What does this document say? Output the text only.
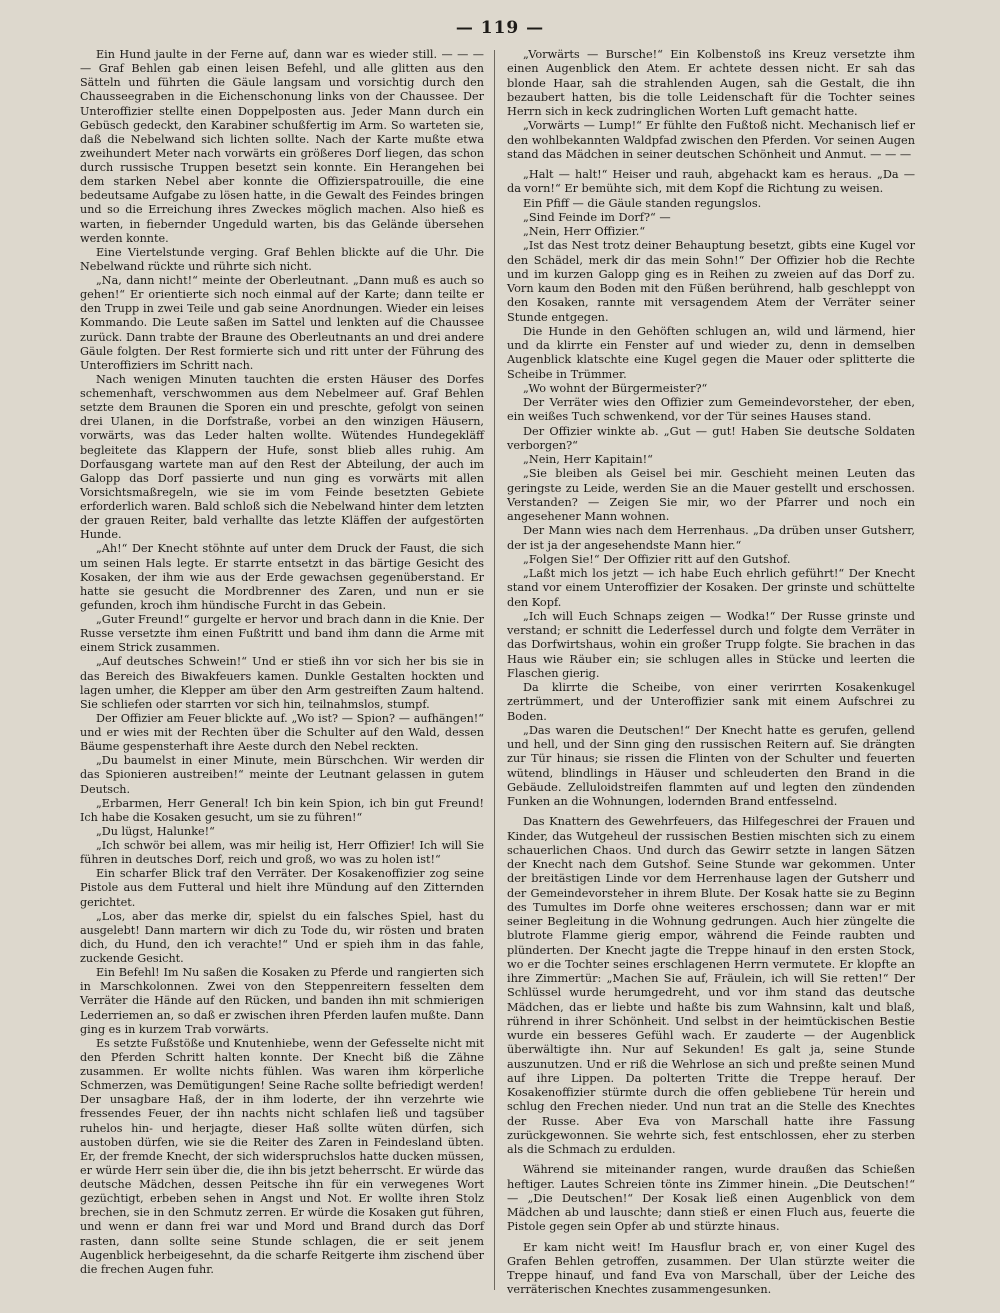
— 119 —

Ein Hund jaulte in der Ferne auf, dann war es wieder still. — — — — Graf Behlen gab einen leisen Befehl, und alle glitten aus den Sätteln und führten die Gäule langsam und vorsichtig durch den Chausseegraben in die Eichenschonung links von der Chaussee. Der Unteroffizier stellte einen Doppelposten aus. Jeder Mann durch ein Gebüsch gedeckt, den Karabiner schußfertig im Arm. So warteten sie, daß die Nebelwand sich lichten sollte. Nach der Karte mußte etwa zweihundert Meter nach vorwärts ein größeres Dorf liegen, das schon durch russische Truppen besetzt sein konnte. Ein Herangehen bei dem starken Nebel aber konnte die Offizierspatrouille, die eine bedeutsame Aufgabe zu lösen hatte, in die Gewalt des Feindes bringen und so die Erreichung ihres Zweckes möglich machen. Also hieß es warten, in fiebernder Ungeduld warten, bis das Gelände übersehen werden konnte.

Eine Viertelstunde verging. Graf Behlen blickte auf die Uhr. Die Nebelwand rückte und rührte sich nicht.

„Na, dann nicht!“ meinte der Oberleutnant. „Dann muß es auch so gehen!“ Er orientierte sich noch einmal auf der Karte; dann teilte er den Trupp in zwei Teile und gab seine Anordnungen. Wieder ein leises Kommando. Die Leute saßen im Sattel und lenkten auf die Chaussee zurück. Dann trabte der Braune des Oberleutnants an und drei andere Gäule folgten. Der Rest formierte sich und ritt unter der Führung des Unteroffiziers im Schritt nach.

Nach wenigen Minuten tauchten die ersten Häuser des Dorfes schemenhaft, verschwommen aus dem Nebelmeer auf. Graf Behlen setzte dem Braunen die Sporen ein und preschte, gefolgt von seinen drei Ulanen, in die Dorfstraße, vorbei an den winzigen Häusern, vorwärts, was das Leder halten wollte. Wütendes Hundegekläff begleitete das Klappern der Hufe, sonst blieb alles ruhig. Am Dorfausgang wartete man auf den Rest der Abteilung, der auch im Galopp das Dorf passierte und nun ging es vorwärts mit allen Vorsichtsmaßregeln, wie sie im vom Feinde besetzten Gebiete erforderlich waren. Bald schloß sich die Nebelwand hinter dem letzten der grauen Reiter, bald verhallte das letzte Kläffen der aufgestörten Hunde.

„Ah!“ Der Knecht stöhnte auf unter dem Druck der Faust, die sich um seinen Hals legte. Er starrte entsetzt in das bärtige Gesicht des Kosaken, der ihm wie aus der Erde gewachsen gegenüberstand. Er hatte sie gesucht die Mordbrenner des Zaren, und nun er sie gefunden, kroch ihm hündische Furcht in das Gebein.

„Guter Freund!“ gurgelte er hervor und brach dann in die Knie. Der Russe versetzte ihm einen Fußtritt und band ihm dann die Arme mit einem Strick zusammen.

„Auf deutsches Schwein!“ Und er stieß ihn vor sich her bis sie in das Bereich des Biwakfeuers kamen. Dunkle Gestalten hockten und lagen umher, die Klepper am über den Arm gestreiften Zaum haltend. Sie schliefen oder starrten vor sich hin, teilnahmslos, stumpf.

Der Offizier am Feuer blickte auf. „Wo ist? — Spion? — aufhängen!“ und er wies mit der Rechten über die Schulter auf den Wald, dessen Bäume gespensterhaft ihre Aeste durch den Nebel reckten.

„Du baumelst in einer Minute, mein Bürschchen. Wir werden dir das Spionieren austreiben!“ meinte der Leutnant gelassen in gutem Deutsch.

„Erbarmen, Herr General! Ich bin kein Spion, ich bin gut Freund! Ich habe die Kosaken gesucht, um sie zu führen!“

„Du lügst, Halunke!“

„Ich schwör bei allem, was mir heilig ist, Herr Offizier! Ich will Sie führen in deutsches Dorf, reich und groß, wo was zu holen ist!“

Ein scharfer Blick traf den Verräter. Der Kosakenoffizier zog seine Pistole aus dem Futteral und hielt ihre Mündung auf den Zitternden gerichtet.

„Los, aber das merke dir, spielst du ein falsches Spiel, hast du ausgelebt! Dann martern wir dich zu Tode du, wir rösten und braten dich, du Hund, den ich verachte!“ Und er spieh ihm in das fahle, zuckende Gesicht.

Ein Befehl! Im Nu saßen die Kosaken zu Pferde und rangierten sich in Marschkolonnen. Zwei von den Steppenreitern fesselten dem Verräter die Hände auf den Rücken, und banden ihn mit schmierigen Lederriemen an, so daß er zwischen ihren Pferden laufen mußte. Dann ging es in kurzem Trab vorwärts.

Es setzte Fußstöße und Knutenhiebe, wenn der Gefesselte nicht mit den Pferden Schritt halten konnte. Der Knecht biß die Zähne zusammen. Er wollte nichts fühlen. Was waren ihm körperliche Schmerzen, was Demütigungen! Seine Rache sollte befriedigt werden! Der unsagbare Haß, der in ihm loderte, der ihn verzehrte wie fressendes Feuer, der ihn nachts nicht schlafen ließ und tagsüber ruhelos hin- und herjagte, dieser Haß sollte wüten dürfen, sich austoben dürfen, wie sie die Reiter des Zaren in Feindesland übten. Er, der fremde Knecht, der sich widerspruchslos hatte ducken müssen, er würde Herr sein über die, die ihn bis jetzt beherrscht. Er würde das deutsche Mädchen, dessen Peitsche ihn für ein verwegenes Wort gezüchtigt, erbeben sehen in Angst und Not. Er wollte ihren Stolz brechen, sie in den Schmutz zerren. Er würde die Kosaken gut führen, und wenn er dann frei war und Mord und Brand durch das Dorf rasten, dann sollte seine Stunde schlagen, die er seit jenem Augenblick herbeigesehnt, da die scharfe Reitgerte ihm zischend über die frechen Augen fuhr.

„Vorwärts — Bursche!“ Ein Kolbenstoß ins Kreuz versetzte ihm einen Augenblick den Atem. Er achtete dessen nicht. Er sah das blonde Haar, sah die strahlenden Augen, sah die Gestalt, die ihn bezaubert hatten, bis die tolle Leidenschaft für die Tochter seines Herrn sich in keck zudringlichen Worten Luft gemacht hatte.

„Vorwärts — Lump!“ Er fühlte den Fußtoß nicht. Mechanisch lief er den wohlbekannten Waldpfad zwischen den Pferden. Vor seinen Augen stand das Mädchen in seiner deutschen Schönheit und Anmut. — — —

„Halt — halt!“ Heiser und rauh, abgehackt kam es heraus. „Da — da vorn!“ Er bemühte sich, mit dem Kopf die Richtung zu weisen.

Ein Pfiff — die Gäule standen regungslos.

„Sind Feinde im Dorf?“ —

„Nein, Herr Offizier.“

„Ist das Nest trotz deiner Behauptung besetzt, gibts eine Kugel vor den Schädel, merk dir das mein Sohn!“ Der Offizier hob die Rechte und im kurzen Galopp ging es in Reihen zu zweien auf das Dorf zu. Vorn kaum den Boden mit den Füßen berührend, halb geschleppt von den Kosaken, rannte mit versagendem Atem der Verräter seiner Stunde entgegen.

Die Hunde in den Gehöften schlugen an, wild und lärmend, hier und da klirrte ein Fenster auf und wieder zu, denn in demselben Augenblick klatschte eine Kugel gegen die Mauer oder splitterte die Scheibe in Trümmer.

„Wo wohnt der Bürgermeister?“

Der Verräter wies den Offizier zum Gemeindevorsteher, der eben, ein weißes Tuch schwenkend, vor der Tür seines Hauses stand.

Der Offizier winkte ab. „Gut — gut! Haben Sie deutsche Soldaten verborgen?“

„Nein, Herr Kapitain!“

„Sie bleiben als Geisel bei mir. Geschieht meinen Leuten das geringste zu Leide, werden Sie an die Mauer gestellt und erschossen. Verstanden? — Zeigen Sie mir, wo der Pfarrer und noch ein angesehener Mann wohnen.

Der Mann wies nach dem Herrenhaus. „Da drüben unser Gutsherr, der ist ja der angesehendste Mann hier.“

„Folgen Sie!“ Der Offizier ritt auf den Gutshof.

„Laßt mich los jetzt — ich habe Euch ehrlich geführt!“ Der Knecht stand vor einem Unteroffizier der Kosaken. Der grinste und schüttelte den Kopf.

„Ich will Euch Schnaps zeigen — Wodka!“ Der Russe grinste und verstand; er schnitt die Lederfessel durch und folgte dem Verräter in das Dorfwirtshaus, wohin ein großer Trupp folgte. Sie brachen in das Haus wie Räuber ein; sie schlugen alles in Stücke und leerten die Flaschen gierig.

Da klirrte die Scheibe, von einer verirrten Kosakenkugel zertrümmert, und der Unteroffizier sank mit einem Aufschrei zu Boden.

„Das waren die Deutschen!“ Der Knecht hatte es gerufen, gellend und hell, und der Sinn ging den russischen Reitern auf. Sie drängten zur Tür hinaus; sie rissen die Flinten von der Schulter und feuerten wütend, blindlings in Häuser und schleuderten den Brand in die Gebäude. Zelluloidstreifen flammten auf und legten den zündenden Funken an die Wohnungen, lodernden Brand entfesselnd.

Das Knattern des Gewehrfeuers, das Hilfegeschrei der Frauen und Kinder, das Wutgeheul der russischen Bestien mischten sich zu einem schauerlichen Chaos. Und durch das Gewirr setzte in langen Sätzen der Knecht nach dem Gutshof. Seine Stunde war gekommen. Unter der breitästigen Linde vor dem Herrenhause lagen der Gutsherr und der Gemeindevorsteher in ihrem Blute. Der Kosak hatte sie zu Beginn des Tumultes im Dorfe ohne weiteres erschossen; dann war er mit seiner Begleitung in die Wohnung gedrungen. Auch hier züngelte die blutrote Flamme gierig empor, während die Feinde raubten und plünderten. Der Knecht jagte die Treppe hinauf in den ersten Stock, wo er die Tochter seines erschlagenen Herrn vermutete. Er klopfte an ihre Zimmertür: „Machen Sie auf, Fräulein, ich will Sie retten!“ Der Schlüssel wurde herumgedreht, und vor ihm stand das deutsche Mädchen, das er liebte und haßte bis zum Wahnsinn, kalt und blaß, rührend in ihrer Schönheit. Und selbst in der heimtückischen Bestie wurde ein besseres Gefühl wach. Er zauderte — der Augenblick überwältigte ihn. Nur auf Sekunden! Es galt ja, seine Stunde auszunutzen. Und er riß die Wehrlose an sich und preßte seinen Mund auf ihre Lippen. Da polterten Tritte die Treppe herauf. Der Kosakenoffizier stürmte durch die offen gebliebene Tür herein und schlug den Frechen nieder. Und nun trat an die Stelle des Knechtes der Russe. Aber Eva von Marschall hatte ihre Fassung zurückgewonnen. Sie wehrte sich, fest entschlossen, eher zu sterben als die Schmach zu erdulden.

Während sie miteinander rangen, wurde draußen das Schießen heftiger. Lautes Schreien tönte ins Zimmer hinein. „Die Deutschen!“ — „Die Deutschen!“ Der Kosak ließ einen Augenblick von dem Mädchen ab und lauschte; dann stieß er einen Fluch aus, feuerte die Pistole gegen sein Opfer ab und stürzte hinaus.

Er kam nicht weit! Im Hausflur brach er, von einer Kugel des Grafen Behlen getroffen, zusammen. Der Ulan stürzte weiter die Treppe hinauf, und fand Eva von Marschall, über der Leiche des verräterischen Knechtes zusammengesunken.
